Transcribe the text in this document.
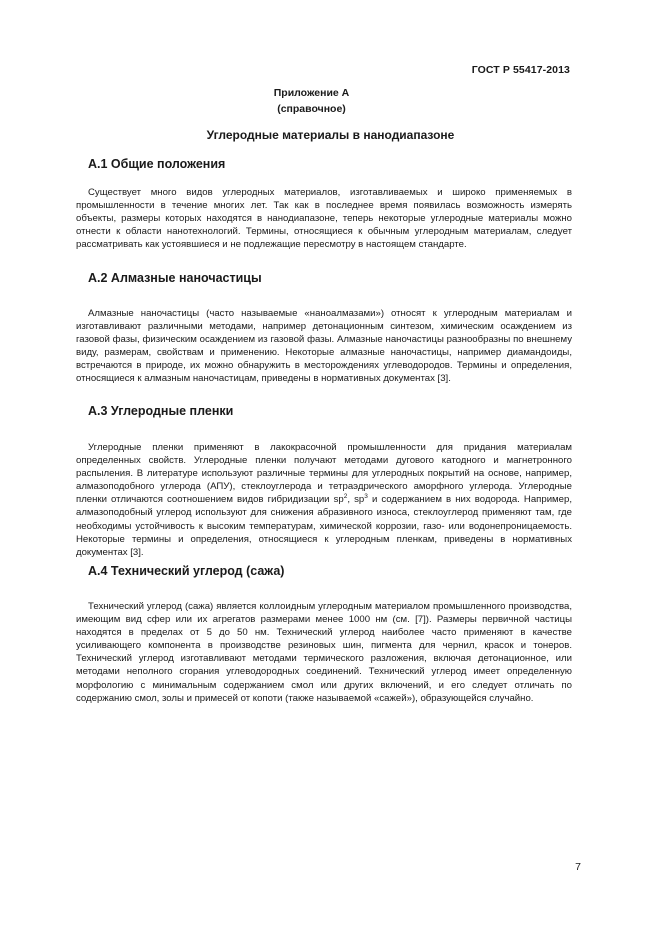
ГОСТ Р 55417-2013
Приложение А
(справочное)
Углеродные материалы в нанодиапазоне
А.1 Общие положения

Существует много видов углеродных материалов, изготавливаемых и широко применяемых в промышленности в течение многих лет. Так как в последнее время появилась возможность измерять объекты, размеры которых находятся в нанодиапазоне, теперь некоторые углеродные материалы можно отнести к области нанотехнологий. Термины, относящиеся к обычным углеродным материалам, следует рассматривать как устоявшиеся и не подлежащие пересмотру в настоящем стандарте.

А.2 Алмазные наночастицы

Алмазные наночастицы (часто называемые «наноалмазами») относят к углеродным материалам и изготавливают различными методами, например детонационным синтезом, химическим осаждением из газовой фазы, физическим осаждением из газовой фазы. Алмазные наночастицы разнообразны по внешнему виду, размерам, свойствам и применению. Некоторые алмазные наночастицы, например диамандоиды, встречаются в природе, их можно обнаружить в месторождениях углеводородов. Термины и определения, относящиеся к алмазным наночастицам, приведены в нормативных документах [3].

А.3 Углеродные пленки

Углеродные пленки применяют в лакокрасочной промышленности для придания материалам определенных свойств. Углеродные пленки получают методами дугового катодного и магнетронного распыления. В литературе используют различные термины для углеродных покрытий на основе, например, алмазоподобного углерода (АПУ), стеклоуглерода и тетраэдрического аморфного углерода. Углеродные пленки отличаются соотношением видов гибридизации $sp^2$, $sp^3$ и содержанием в них водорода. Например, алмазоподобный углерод используют для снижения абразивного износа, стеклоуглерод применяют там, где необходимы устойчивость к высоким температурам, химической коррозии, газо- или водонепроницаемость. Некоторые термины и определения, относящиеся к углеродным пленкам, приведены в нормативных документах [3].

А.4 Технический углерод (сажа)

Технический углерод (сажа) является коллоидным углеродным материалом промышленного производства, имеющим вид сфер или их агрегатов размерами менее 1000 нм (см. [7]). Размеры первичной частицы находятся в пределах от 5 до 50 нм. Технический углерод наиболее часто применяют в качестве усиливающего компонента в производстве резиновых шин, пигмента для чернил, красок и тонеров. Технический углерод изготавливают методами термического разложения, включая детонационное, или методами неполного сгорания углеводородных соединений. Технический углерод имеет определенную морфологию с минимальным содержанием смол или других включений, и его следует отличать по содержанию смол, золы и примесей от копоти (также называемой «сажей»), образующейся случайно.

7
